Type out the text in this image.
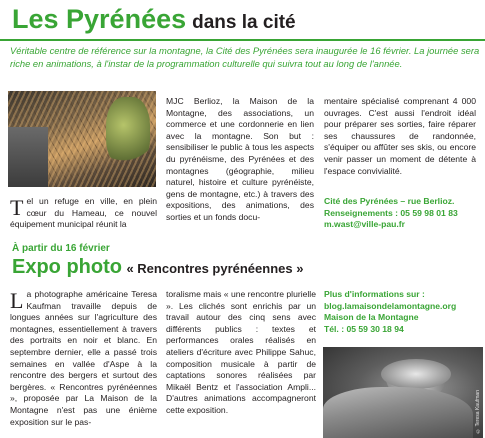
Les Pyrénées dans la cité
Véritable centre de référence sur la montagne, la Cité des Pyrénées sera inaugurée le 16 février. La journée sera riche en animations, à l'instar de la programmation culturelle qui suivra tout au long de l'année.
Tel un refuge en ville, en plein cœur du Hameau, ce nouvel équipement municipal réunit la
MJC Berlioz, la Maison de la Montagne, des associations, un commerce et une cordonnerie en lien avec la montagne. Son but : sensibiliser le public à tous les aspects du pyrénéisme, des Pyrénées et des montagnes (géographie, milieu naturel, histoire et culture pyrénéiste, gens de montagne, etc.) à travers des expositions, des animations, des sorties et un fonds docu-
mentaire spécialisé comprenant 4 000 ouvrages. C'est aussi l'endroit idéal pour préparer ses sorties, faire réparer ses chaussures de randonnée, s'équiper ou affûter ses skis, ou encore venir passer un moment de détente à l'espace convivialité.
Cité des Pyrénées – rue Berlioz.
Renseignements : 05 59 98 01 83
m.wast@ville-pau.fr
À partir du 16 février
Expo photo « Rencontres pyrénéennes »
La photographe américaine Teresa Kaufman travaille depuis de longues années sur l'agriculture des montagnes, essentiellement à travers des portraits en noir et blanc. En septembre dernier, elle a passé trois semaines en vallée d'Aspe à la rencontre des bergers et surtout des bergères. « Rencontres pyrénéennes », proposée par La Maison de la Montagne n'est pas une énième exposition sur le pas-
toralisme mais « une rencontre plurielle ». Les clichés sont enrichis par un travail autour des cinq sens avec différents publics : textes et performances orales réalisés en ateliers d'écriture avec Philippe Sahuc, composition musicale à partir de captations sonores réalisées par Mikaël Bentz et l'association Ampli... D'autres animations accompagneront cette exposition.
Plus d'informations sur :
blog.lamaisondelamontagne.org
Maison de la Montagne
Tél. : 05 59 30 18 94
© Teresa Kaufman
